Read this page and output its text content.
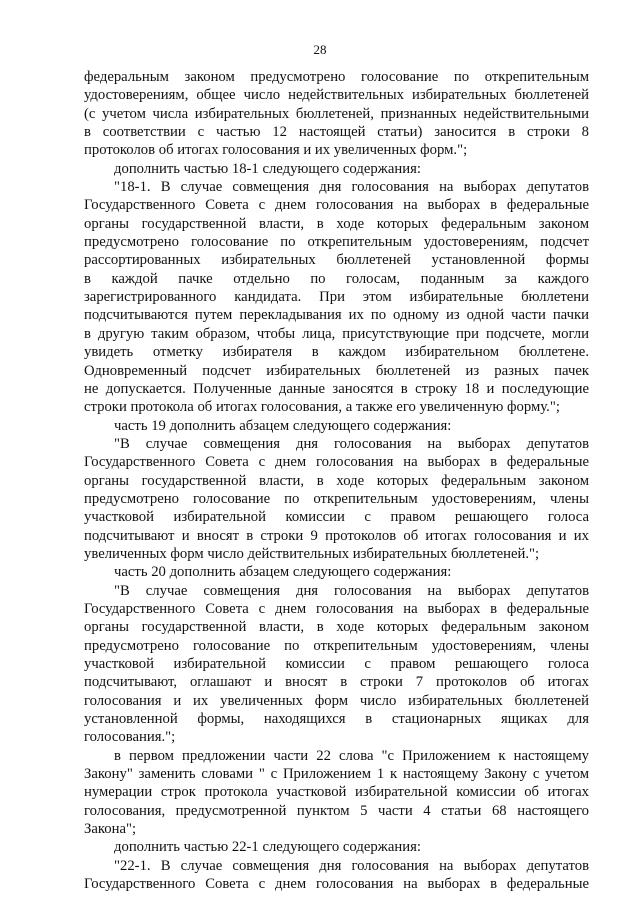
28
федеральным законом предусмотрено голосование по открепительным
удостоверениям, общее число недействительных избирательных бюллетеней
(с учетом числа избирательных бюллетеней, признанных недействительными
в соответствии с частью 12 настоящей статьи) заносится в строки 8
протоколов об итогах голосования и их увеличенных форм.";
дополнить частью 18-1 следующего содержания:
"18-1. В случае совмещения дня голосования на выборах депутатов
Государственного Совета с днем голосования на выборах в федеральные
органы государственной власти, в ходе которых федеральным законом
предусмотрено голосование по открепительным удостоверениям, подсчет
рассортированных избирательных бюллетеней установленной формы
в каждой пачке отдельно по голосам, поданным за каждого
зарегистрированного кандидата. При этом избирательные бюллетени
подсчитываются путем перекладывания их по одному из одной части пачки
в другую таким образом, чтобы лица, присутствующие при подсчете, могли
увидеть отметку избирателя в каждом избирательном бюллетене.
Одновременный подсчет избирательных бюллетеней из разных пачек
не допускается. Полученные данные заносятся в строку 18 и последующие
строки протокола об итогах голосования, а также его увеличенную форму.";
часть 19 дополнить абзацем следующего содержания:
"В случае совмещения дня голосования на выборах депутатов
Государственного Совета с днем голосования на выборах в федеральные
органы государственной власти, в ходе которых федеральным законом
предусмотрено голосование по открепительным удостоверениям, члены
участковой избирательной комиссии с правом решающего голоса
подсчитывают и вносят в строки 9 протоколов об итогах голосования и их
увеличенных форм число действительных избирательных бюллетеней.";
часть 20 дополнить абзацем следующего содержания:
"В случае совмещения дня голосования на выборах депутатов
Государственного Совета с днем голосования на выборах в федеральные
органы государственной власти, в ходе которых федеральным законом
предусмотрено голосование по открепительным удостоверениям, члены
участковой избирательной комиссии с правом решающего голоса
подсчитывают, оглашают и вносят в строки 7 протоколов об итогах
голосования и их увеличенных форм число избирательных бюллетеней
установленной формы, находящихся в стационарных ящиках для
голосования.";
в первом предложении части 22 слова "с Приложением к настоящему
Закону" заменить словами " с Приложением 1 к настоящему Закону с учетом
нумерации строк протокола участковой избирательной комиссии об итогах
голосования, предусмотренной пунктом 5 части 4 статьи 68 настоящего
Закона";
дополнить частью 22-1 следующего содержания:
"22-1. В случае совмещения дня голосования на выборах депутатов
Государственного Совета с днем голосования на выборах в федеральные
